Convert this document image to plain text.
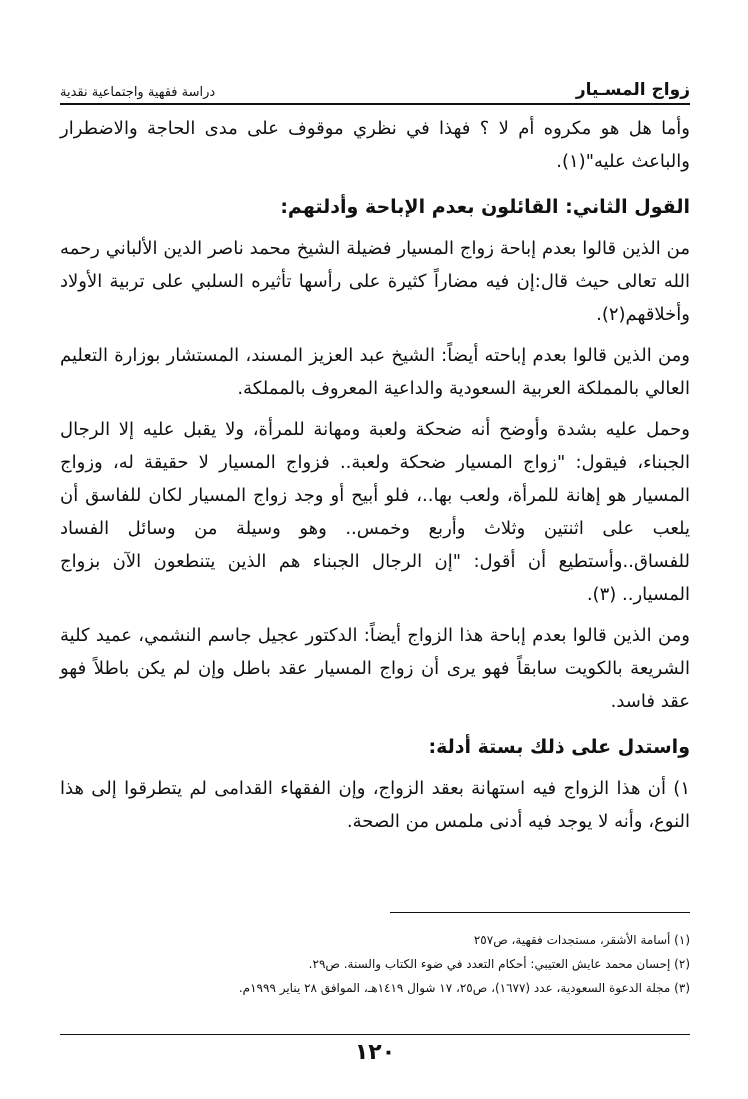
زواج المسـيار
دراسة فقهية واجتماعية نقدية

وأما هل هو مكروه أم لا ؟ فهذا في نظري موقوف على مدى الحاجة والاضطرار والباعث عليه"(١).

القول الثاني: القائلون بعدم الإباحة وأدلتهم:

من الذين قالوا بعدم إباحة زواج المسيار فضيلة الشيخ محمد ناصر الدين الألباني رحمه الله تعالى حيث قال:إن فيه مضاراً كثيرة على رأسها تأثيره السلبي على تربية الأولاد وأخلاقهم(٢).

ومن الذين قالوا بعدم إباحته أيضاً: الشيخ عبد العزيز المسند، المستشار بوزارة التعليم العالي بالمملكة العربية السعودية والداعية المعروف بالمملكة.

وحمل عليه بشدة وأوضح أنه ضحكة ولعبة ومهانة للمرأة، ولا يقبل عليه إلا الرجال الجبناء، فيقول: "زواج المسيار ضحكة ولعبة.. فزواج المسيار لا حقيقة له، وزواج المسيار هو إهانة للمرأة، ولعب بها..، فلو أبيح أو وجد زواج المسيار لكان للفاسق أن يلعب على اثنتين وثلاث وأربع وخمس.. وهو وسيلة من وسائل الفساد للفساق..وأستطيع أن أقول: "إن الرجال الجبناء هم الذين يتنطعون الآن بزواج المسيار.. (٣).

ومن الذين قالوا بعدم إباحة هذا الزواج أيضاً: الدكتور عجيل جاسم النشمي، عميد كلية الشريعة بالكويت سابقاً فهو يرى أن زواج المسيار عقد باطل وإن لم يكن باطلاً فهو عقد فاسد.

واستدل على ذلك بستة أدلة:

١) أن هذا الزواج فيه استهانة بعقد الزواج، وإن الفقهاء القدامى لم يتطرقوا إلى هذا النوع، وأنه لا يوجد فيه أدنى ملمس من الصحة.

(١) أسامة الأشقر، مستجدات فقهية، ص٢٥٧
(٢) إحسان محمد عايش العتيبي: أحكام التعدد في ضوء الكتاب والسنة. ص٢٩.
(٣) مجلة الدعوة السعودية، عدد (١٦٧٧)، ص٢٥، ١٧ شوال ١٤١٩هـ، الموافق ٢٨ يناير ١٩٩٩م.
١٢٠
